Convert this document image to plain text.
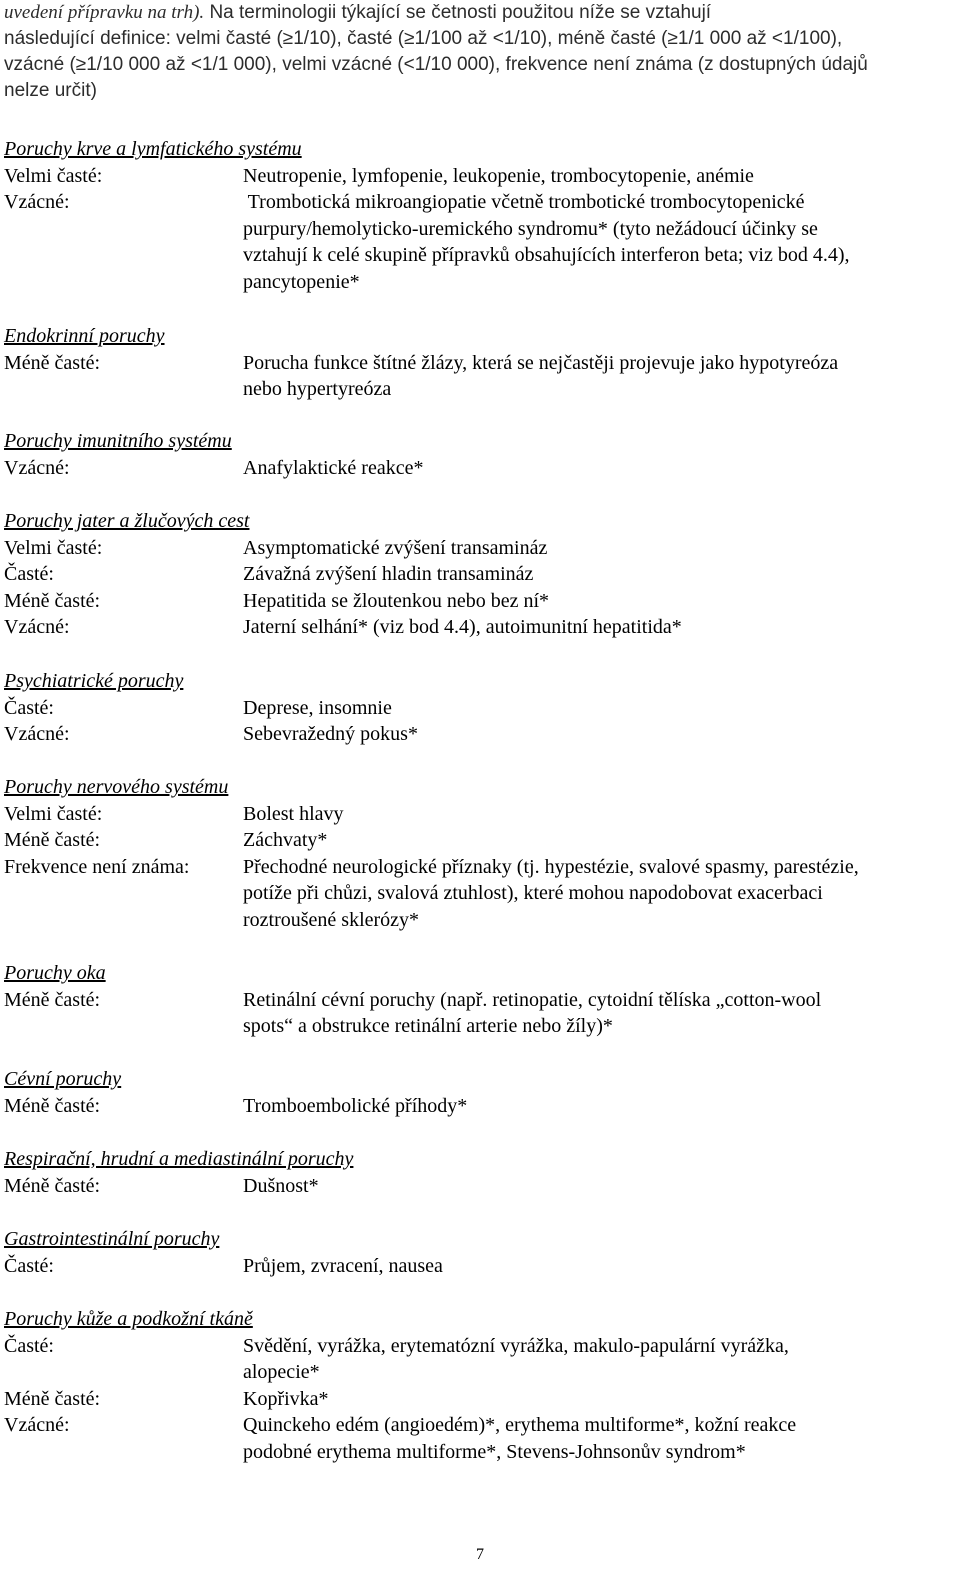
uvedení přípravku na trh). Na terminologii týkající se četnosti použitou níže se vztahují
následující definice: velmi časté (≥1/10), časté (≥1/100 až <1/10), méně časté (≥1/1 000 až <1/100),
vzácné (≥1/10 000 až <1/1 000), velmi vzácné (<1/10 000), frekvence není známa (z dostupných údajů
nelze určit)

Poruchy krve a lymfatického systému
Velmi časté:	Neutropenie, lymfopenie, leukopenie, trombocytopenie, anémie
Vzácné:	Trombotická mikroangiopatie včetně trombotické trombocytopenické
purpury/hemolyticko-uremického syndromu* (tyto nežádoucí účinky se
vztahují k celé skupině přípravků obsahujících interferon beta; viz bod 4.4),
pancytopenie*
Endokrinní poruchy
Méně časté:	Porucha funkce štítné žlázy, která se nejčastěji projevuje jako hypotyreóza
nebo hypertyreóza
Poruchy imunitního systému
Vzácné:	Anafylaktické reakce*
Poruchy jater a žlučových cest
Velmi časté:	Asymptomatické zvýšení transamináz
Časté:	Závažná zvýšení hladin transamináz
Méně časté:	Hepatitida se žloutenkou nebo bez ní*
Vzácné:	Jaterní selhání* (viz bod 4.4), autoimunitní hepatitida*
Psychiatrické poruchy
Časté:	Deprese, insomnie
Vzácné:	Sebevražedný pokus*
Poruchy nervového systému
Velmi časté:	Bolest hlavy
Méně časté:	Záchvaty*
Frekvence není známa:	Přechodné neurologické příznaky (tj. hypestézie, svalové spasmy, parestézie,
potíže při chůzi, svalová ztuhlost), které mohou napodobovat exacerbaci
roztroušené sklerózy*
Poruchy oka
Méně časté:	Retinální cévní poruchy (např. retinopatie, cytoidní tělíska „cotton-wool
spots“ a obstrukce retinální arterie nebo žíly)*
Cévní poruchy
Méně časté:	Tromboembolické příhody*
Respirační, hrudní a mediastinální poruchy
Méně časté:	Dušnost*
Gastrointestinální poruchy
Časté:	Průjem, zvracení, nausea
Poruchy kůže a podkožní tkáně
Časté:	Svědění, vyrážka, erytematózní vyrážka, makulo-papulární vyrážka,
alopecie*
Méně časté:	Kopřivka*
Vzácné:	Quinckeho edém (angioedém)*, erythema multiforme*, kožní reakce
podobné erythema multiforme*, Stevens-Johnsonův syndrom*
7
